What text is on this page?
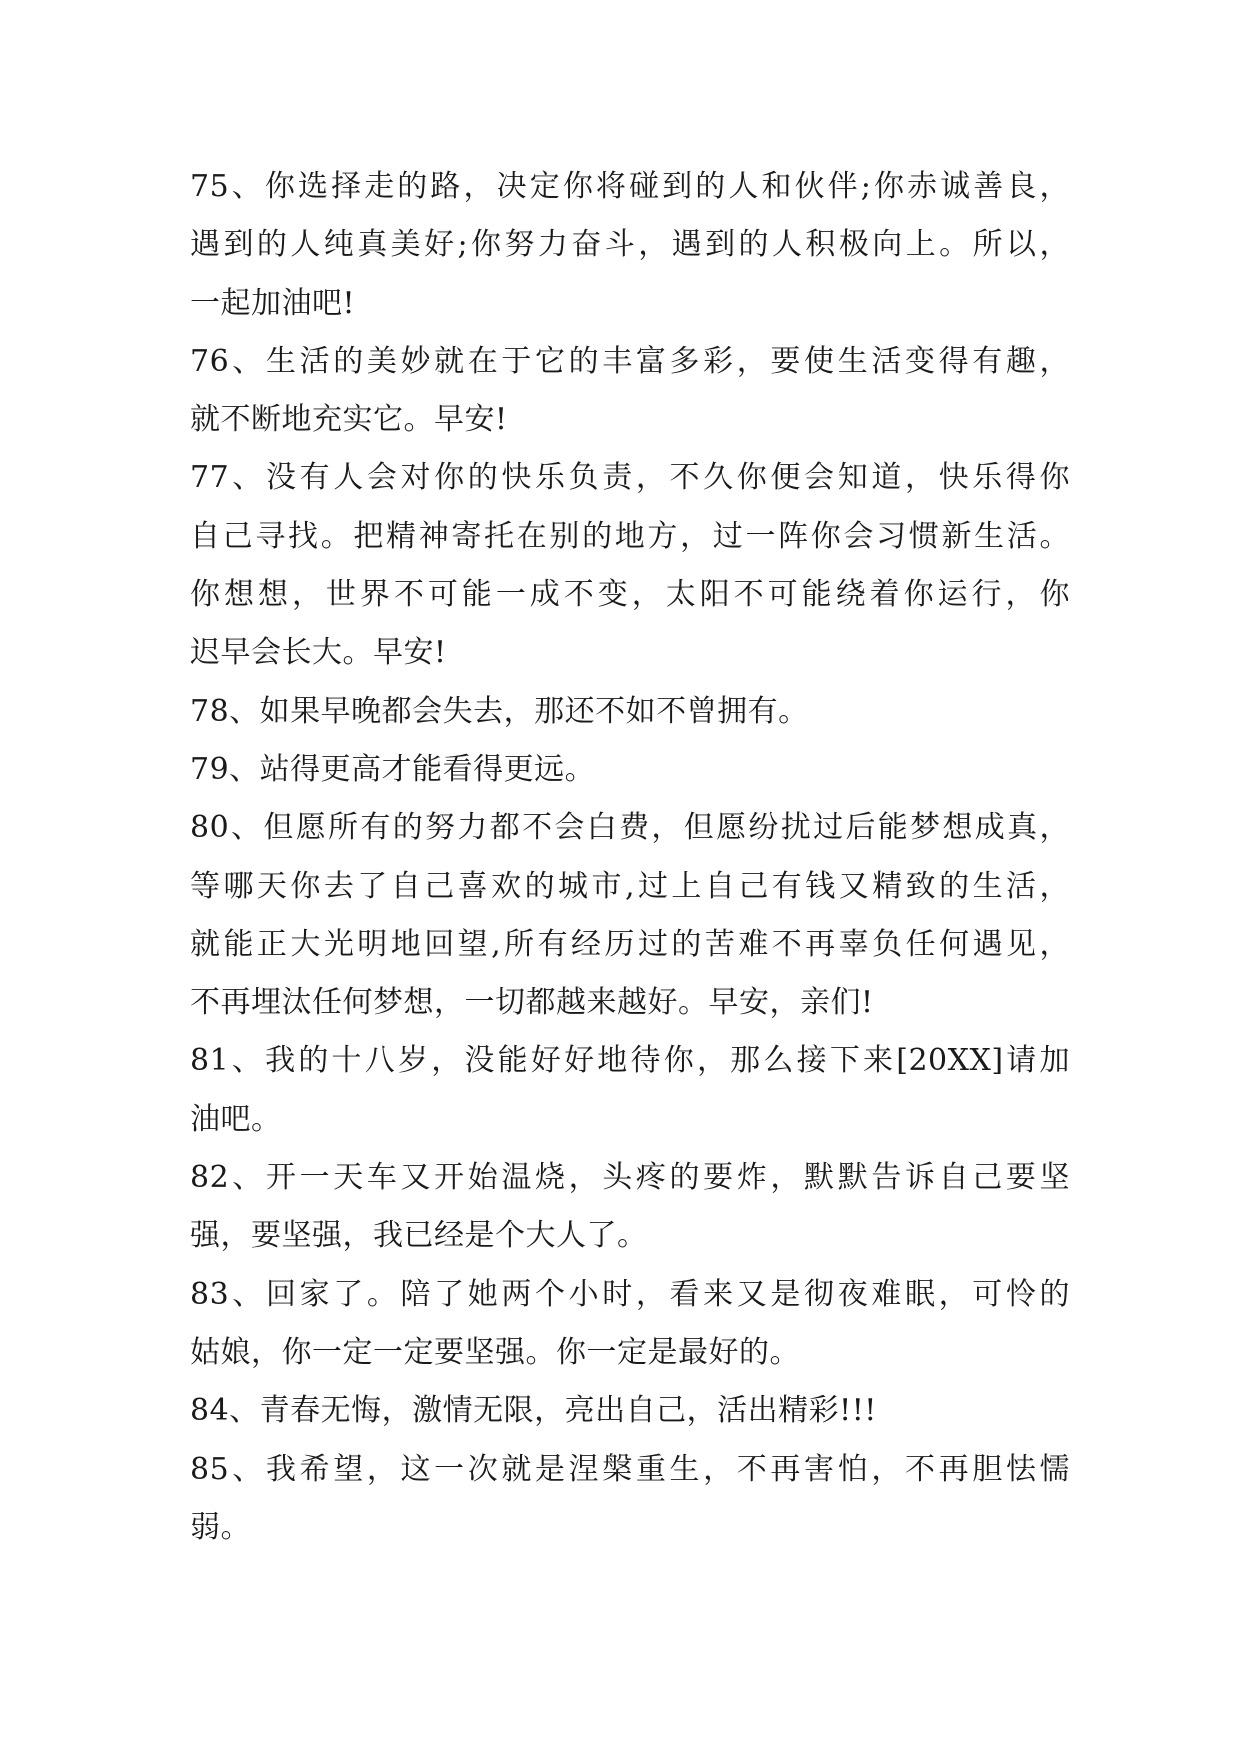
75、你选择走的路，决定你将碰到的人和伙伴;你赤诚善良，
遇到的人纯真美好;你努力奋斗，遇到的人积极向上。所以，
一起加油吧!
76、生活的美妙就在于它的丰富多彩，要使生活变得有趣，
就不断地充实它。早安!
77、没有人会对你的快乐负责，不久你便会知道，快乐得你
自己寻找。把精神寄托在别的地方，过一阵你会习惯新生活。
你想想，世界不可能一成不变，太阳不可能绕着你运行，你
迟早会长大。早安!
78、如果早晚都会失去，那还不如不曾拥有。
79、站得更高才能看得更远。
80、但愿所有的努力都不会白费，但愿纷扰过后能梦想成真，
等哪天你去了自己喜欢的城市,过上自己有钱又精致的生活，
就能正大光明地回望,所有经历过的苦难不再辜负任何遇见，
不再埋汰任何梦想，一切都越来越好。早安，亲们!
81、我的十八岁，没能好好地待你，那么接下来[20XX]请加
油吧。
82、开一天车又开始温烧，头疼的要炸，默默告诉自己要坚
强，要坚强，我已经是个大人了。
83、回家了。陪了她两个小时，看来又是彻夜难眠，可怜的
姑娘，你一定一定要坚强。你一定是最好的。
84、青春无悔，激情无限，亮出自己，活出精彩!!!
85、我希望，这一次就是涅槃重生，不再害怕，不再胆怯懦
弱。
